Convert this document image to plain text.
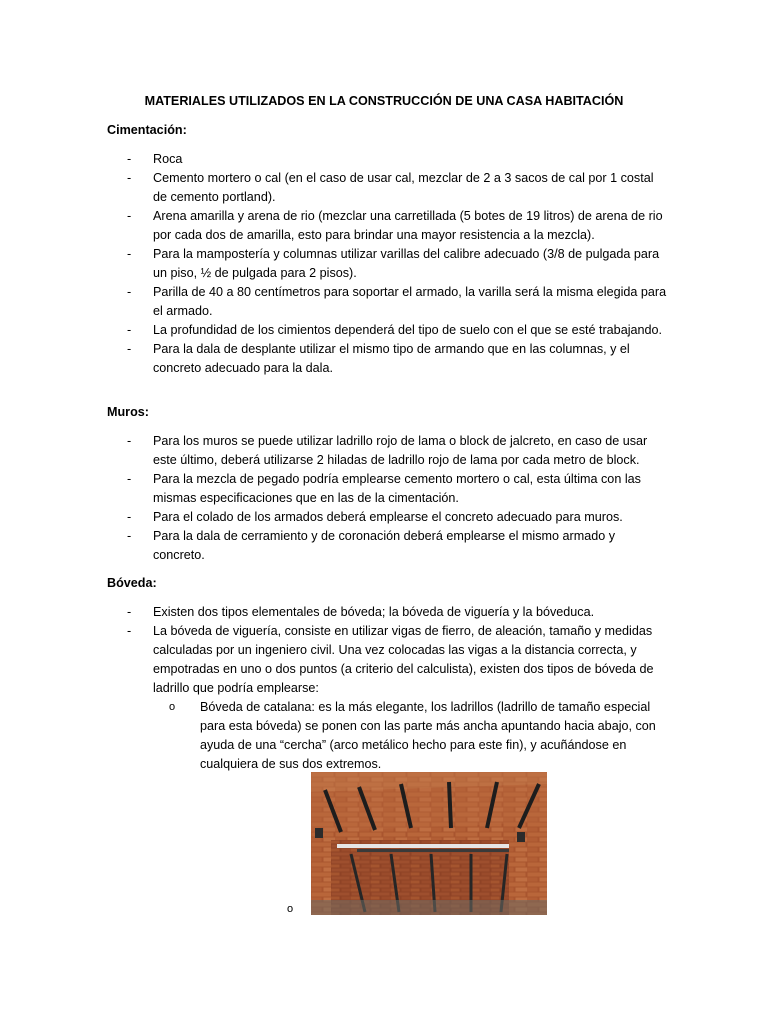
MATERIALES UTILIZADOS EN LA CONSTRUCCIÓN DE UNA CASA HABITACIÓN
Cimentación:
- Roca
- Cemento mortero o cal (en el caso de usar cal, mezclar de 2 a 3 sacos de cal por 1 costal de cemento portland).
- Arena amarilla y arena de rio (mezclar una carretillada (5 botes de 19 litros) de arena de rio por cada dos de amarilla, esto para brindar una mayor resistencia a la mezcla).
- Para la mampostería y columnas utilizar varillas del calibre adecuado (3/8 de pulgada para un piso, ½ de pulgada para 2 pisos).
- Parilla de 40 a 80 centímetros para soportar el armado, la varilla será la misma elegida para el armado.
- La profundidad de los cimientos dependerá del tipo de suelo con el que se esté trabajando.
- Para la dala de desplante utilizar el mismo tipo de armando que en las columnas, y el concreto adecuado para la dala.
Muros:
- Para los muros se puede utilizar ladrillo rojo de lama o block de jalcreto, en caso de usar este último, deberá utilizarse 2 hiladas de ladrillo rojo de lama por cada metro de block.
- Para la mezcla de pegado podría emplearse cemento mortero o cal, esta última con las mismas especificaciones que en las de la cimentación.
- Para el colado de los armados deberá emplearse el concreto adecuado para muros.
- Para la dala de cerramiento y de coronación deberá emplearse el mismo armado y concreto.
Bóveda:
- Existen dos tipos elementales de bóveda; la bóveda de viguería y la bóveduca.
- La bóveda de viguería, consiste en utilizar vigas de fierro, de aleación, tamaño y medidas calculadas por un ingeniero civil. Una vez colocadas las vigas a la distancia correcta, y empotradas en uno o dos puntos (a criterio del calculista), existen dos tipos de bóveda de ladrillo que podría emplearse:
o Bóveda de catalana: es la más elegante, los ladrillos (ladrillo de tamaño especial para esta bóveda) se ponen con las parte más ancha apuntando hacia abajo, con ayuda de una “cercha” (arco metálico hecho para este fin), y acuñándose en cualquiera de sus dos extremos.
o
